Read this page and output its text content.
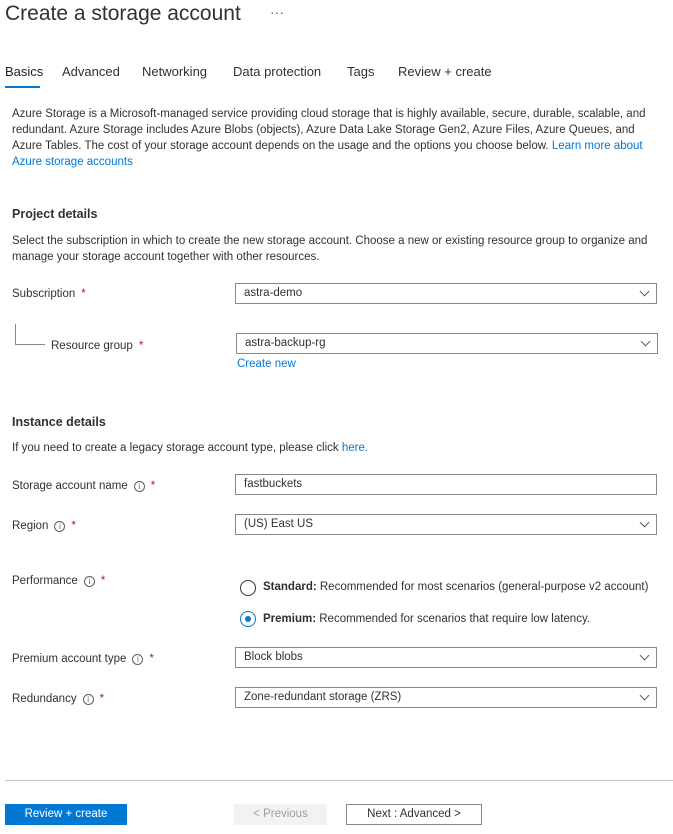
Create a storage account ···
Basics Advanced Networking Data protection Tags Review + create
Azure Storage is a Microsoft-managed service providing cloud storage that is highly available, secure, durable, scalable, and redundant. Azure Storage includes Azure Blobs (objects), Azure Data Lake Storage Gen2, Azure Files, Azure Queues, and Azure Tables. The cost of your storage account depends on the usage and the options you choose below. Learn more about Azure storage accounts
Project details
Select the subscription in which to create the new storage account. Choose a new or existing resource group to organize and manage your storage account together with other resources.
Subscription *	astra-demo
Resource group *	astra-backup-rg
Create new
Instance details
If you need to create a legacy storage account type, please click here.
Storage account name	i *	fastbuckets
Region	i *	(US) East US
Performance	i *	Standard: Recommended for most scenarios (general-purpose v2 account)
Premium: Recommended for scenarios that require low latency.
Premium account type	i *	Block blobs
Redundancy	i *	Zone-redundant storage (ZRS)
Review + create	< Previous	Next : Advanced >
